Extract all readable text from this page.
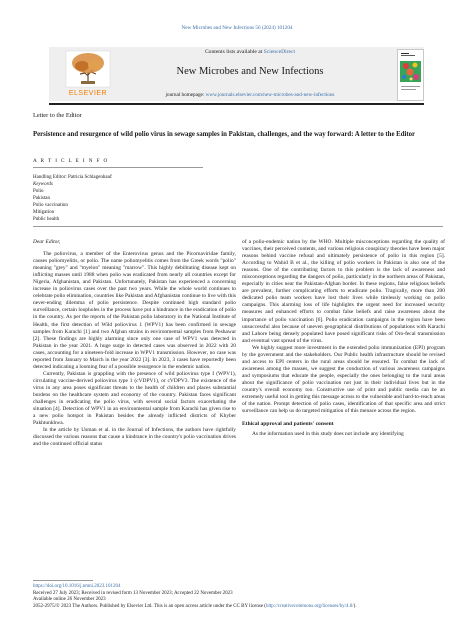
New Microbes and New Infections 56 (2024) 101204
ELSEVIER
Contents lists available at ScienceDirect
New Microbes and New Infections
journal homepage: www.journals.elsevier.com/new-microbes-and-new-infections
Letter to the Editor
Persistence and resurgence of wild polio virus in sewage samples in Pakistan, challenges, and the way forward: A letter to the Editor
A R T I C L E I N F O
Handling Editor: Patricia Schlagenhauf
Keywords
Polio
Pakistan
Polio vaccination
Mitigation
Public health

Dear Editor,

The poliovirus, a member of the Enterovirus genus and the Picornaviridae family, causes poliomyelitis, or polio. The name poliomyelitis comes from the Greek words "polio" meaning "grey" and "myelon" meaning "marrow". This highly debilitating disease kept on inflicting masses until 1988 when polio was eradicated from nearly all countries except for Nigeria, Afghanistan, and Pakistan. Unfortunately, Pakistan has experienced a concerning increase in poliovirus cases over the past two years. While the whole world continues to celebrate polio elimination, countries like Pakistan and Afghanistan continue to live with this never-ending dilemma of polio persistence. Despite continued high standard polio surveillance, certain loopholes in the process have put a hindrance in the eradication of polio in the country. As per the reports of the Pakistan polio laboratory in the National Institute of Health, the first detection of Wild poliovirus 1 (WPV1) has been confirmed in sewage samples from Karachi [1] and two Afghan strains in environmental samples from Peshawar [2]. These findings are highly alarming since only one case of WPV1 was detected in Pakistan in the year 2021. A huge surge in detected cases was observed in 2022 with 20 cases, accounting for a nineteen-fold increase in WPV1 transmission. However, no case was reported from January to March in the year 2022 [3]. In 2023, 3 cases have reportedly been detected indicating a looming fear of a possible resurgence in the endemic nation.

Currently, Pakistan is grappling with the presence of wild poliovirus type I (WPV1), circulating vaccine-derived poliovirus type 1 (cVDPV1), or cVDPV3. The existence of the virus in any area poses significant threats to the health of children and places substantial burdens on the healthcare system and economy of the country. Pakistan faces significant challenges in eradicating the polio virus, with several social factors exacerbating the situation [4]. Detection of WPV1 in an environmental sample from Karachi has given rise to a new polio hotspot in Pakistan besides the already inflicted districts of Khyber Pakhtunkhwa.

In the article by Usman et al. in the Journal of Infections, the authors have rightfully discussed the various reasons that cause a hindrance in the country's polio vaccination drives and the continued official status

of a polio-endemic nation by the WHO. Multiple misconceptions regarding the quality of vaccines, their perceived contents, and various religious conspiracy theories have been major reasons behind vaccine refusal and ultimately persistence of polio in this region [5]. According to Wahid B et al., the killing of polio workers in Pakistan is also one of the reasons. One of the contributing factors to this problem is the lack of awareness and misconceptions regarding the dangers of polio, particularly in the northern areas of Pakistan, especially in cities near the Pakistan-Afghan border. In these regions, false religious beliefs are prevalent, further complicating efforts to eradicate polio. Tragically, more than 200 dedicated polio team workers have lost their lives while tirelessly working on polio campaigns. This alarming loss of life highlights the urgent need for increased security measures and enhanced efforts to combat false beliefs and raise awareness about the importance of polio vaccination [6]. Polio eradication campaigns in the region have been unsuccessful also because of uneven geographical distributions of populations with Karachi and Lahore being densely populated have posed significant risks of Oro-fecal transmission and eventual vast spread of the virus.

We highly suggest more investment in the extended polio immunization (EPI) program by the government and the stakeholders. Our Public health infrastructure should be revised and access to EPI centers in the rural areas should be ensured. To combat the lack of awareness among the masses, we suggest the conduction of various awareness campaigns and symposiums that educate the people, especially the ones belonging to the rural areas about the significance of polio vaccination not just in their individual lives but in the country's overall economy too. Constructive use of print and public media can be an extremely useful tool in getting this message across to the vulnerable and hard-to-reach areas of the nation. Prompt detection of polio cases, identification of that specific area and strict surveillance can help us do targeted mitigation of this menace across the region.

Ethical approval and patients' consent

As the information used in this study does not include any identifying

https://doi.org/10.1016/j.nmni.2023.101204
Received 27 July 2023; Received in revised form 13 November 2023; Accepted 22 November 2023
Available online 26 November 2023
2052-2975/© 2023 The Authors. Published by Elsevier Ltd. This is an open access article under the CC BY license (http://creativecommons.org/licenses/by/4.0/).
